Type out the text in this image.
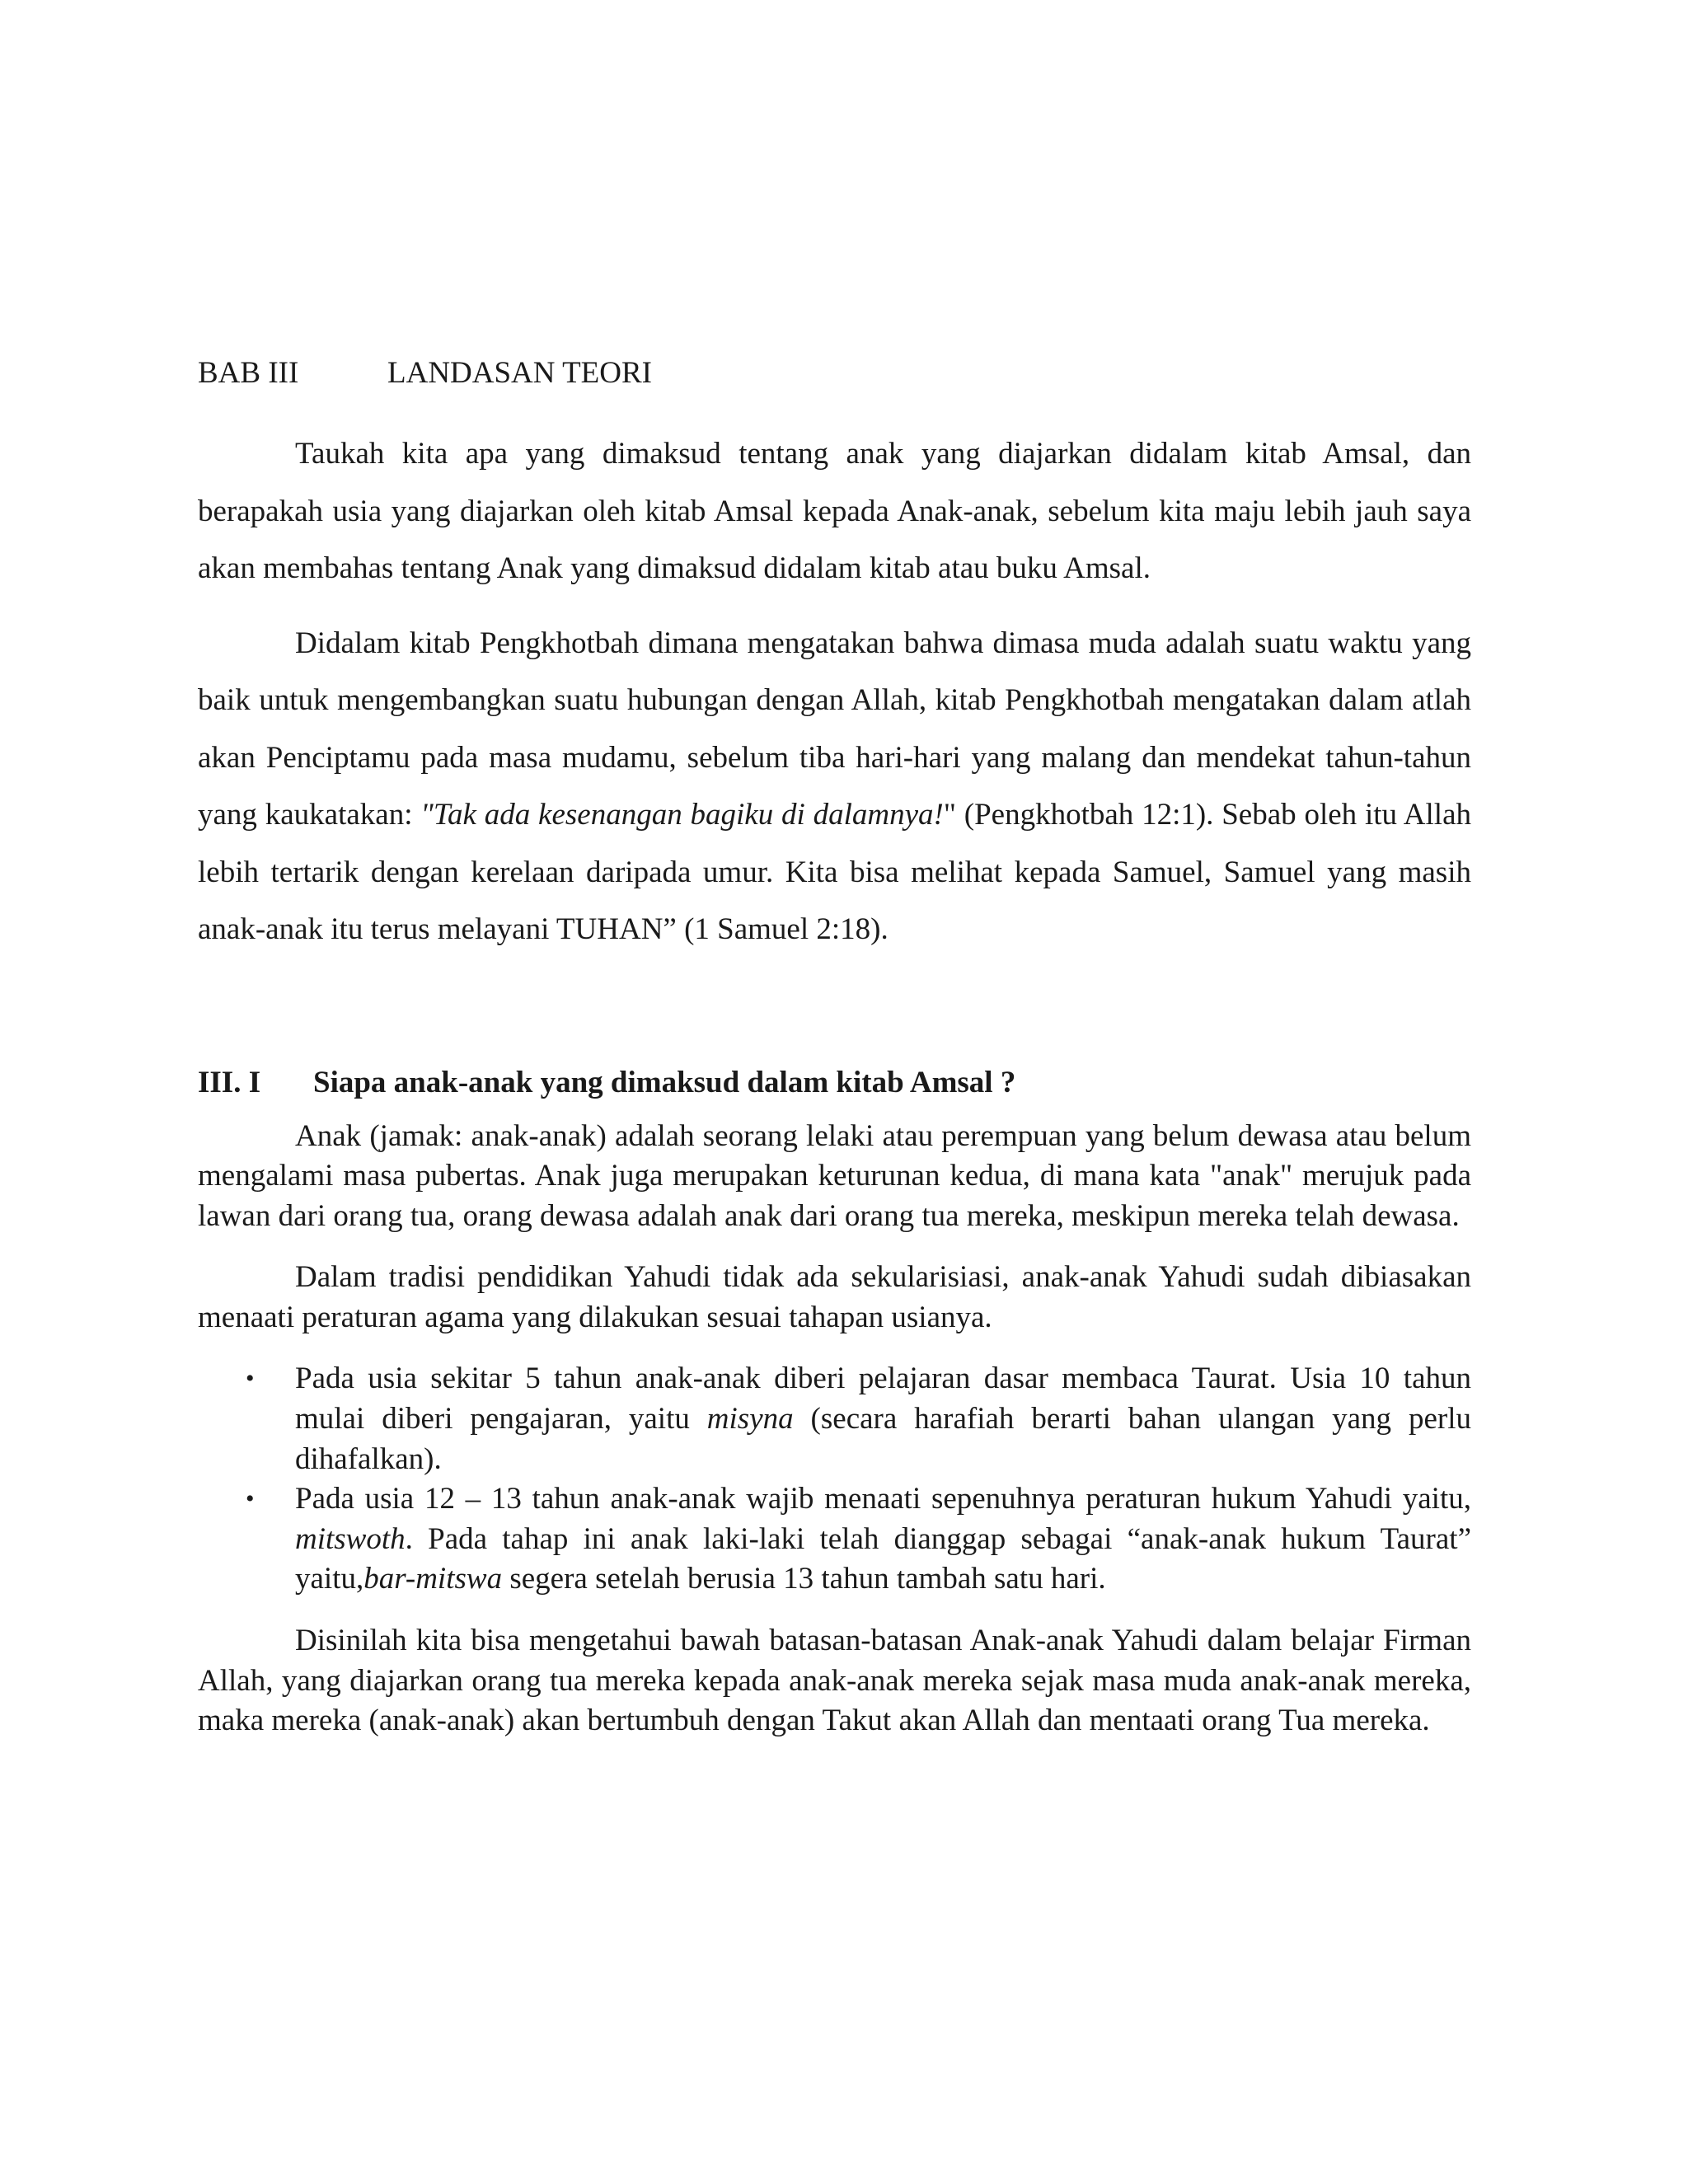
BAB III	LANDASAN TEORI

Taukah kita apa yang dimaksud tentang anak yang diajarkan didalam kitab Amsal, dan berapakah usia yang diajarkan oleh kitab Amsal kepada Anak-anak, sebelum kita maju lebih jauh saya akan membahas tentang Anak yang dimaksud didalam kitab atau buku Amsal.

Didalam kitab Pengkhotbah dimana mengatakan bahwa dimasa muda adalah suatu waktu yang baik untuk mengembangkan suatu hubungan dengan Allah, kitab Pengkhotbah mengatakan dalam atlah akan Penciptamu pada masa mudamu, sebelum tiba hari-hari yang malang dan mendekat tahun-tahun yang kaukatakan: "Tak ada kesenangan bagiku di dalamnya!" (Pengkhotbah 12:1). Sebab oleh itu Allah lebih tertarik dengan kerelaan daripada umur. Kita bisa melihat kepada Samuel, Samuel yang masih anak-anak itu terus melayani TUHAN” (1 Samuel 2:18).

III. I Siapa anak-anak yang dimaksud dalam kitab Amsal ?

Anak (jamak: anak-anak) adalah seorang lelaki atau perempuan yang belum dewasa atau belum mengalami masa pubertas. Anak juga merupakan keturunan kedua, di mana kata "anak" merujuk pada lawan dari orang tua, orang dewasa adalah anak dari orang tua mereka, meskipun mereka telah dewasa.

Dalam tradisi pendidikan Yahudi tidak ada sekularisiasi, anak-anak Yahudi sudah dibiasakan menaati peraturan agama yang dilakukan sesuai tahapan usianya.

• Pada usia sekitar 5 tahun anak-anak diberi pelajaran dasar membaca Taurat. Usia 10 tahun mulai diberi pengajaran, yaitu misyna (secara harafiah berarti bahan ulangan yang perlu dihafalkan).
• Pada usia 12 – 13 tahun anak-anak wajib menaati sepenuhnya peraturan hukum Yahudi yaitu, mitswoth. Pada tahap ini anak laki-laki telah dianggap sebagai “anak-anak hukum Taurat” yaitu,bar-mitswa segera setelah berusia 13 tahun tambah satu hari.

Disinilah kita bisa mengetahui bawah batasan-batasan Anak-anak Yahudi dalam belajar Firman Allah, yang diajarkan orang tua mereka kepada anak-anak mereka sejak masa muda anak-anak mereka, maka mereka (anak-anak) akan bertumbuh dengan Takut akan Allah dan mentaati orang Tua mereka.
